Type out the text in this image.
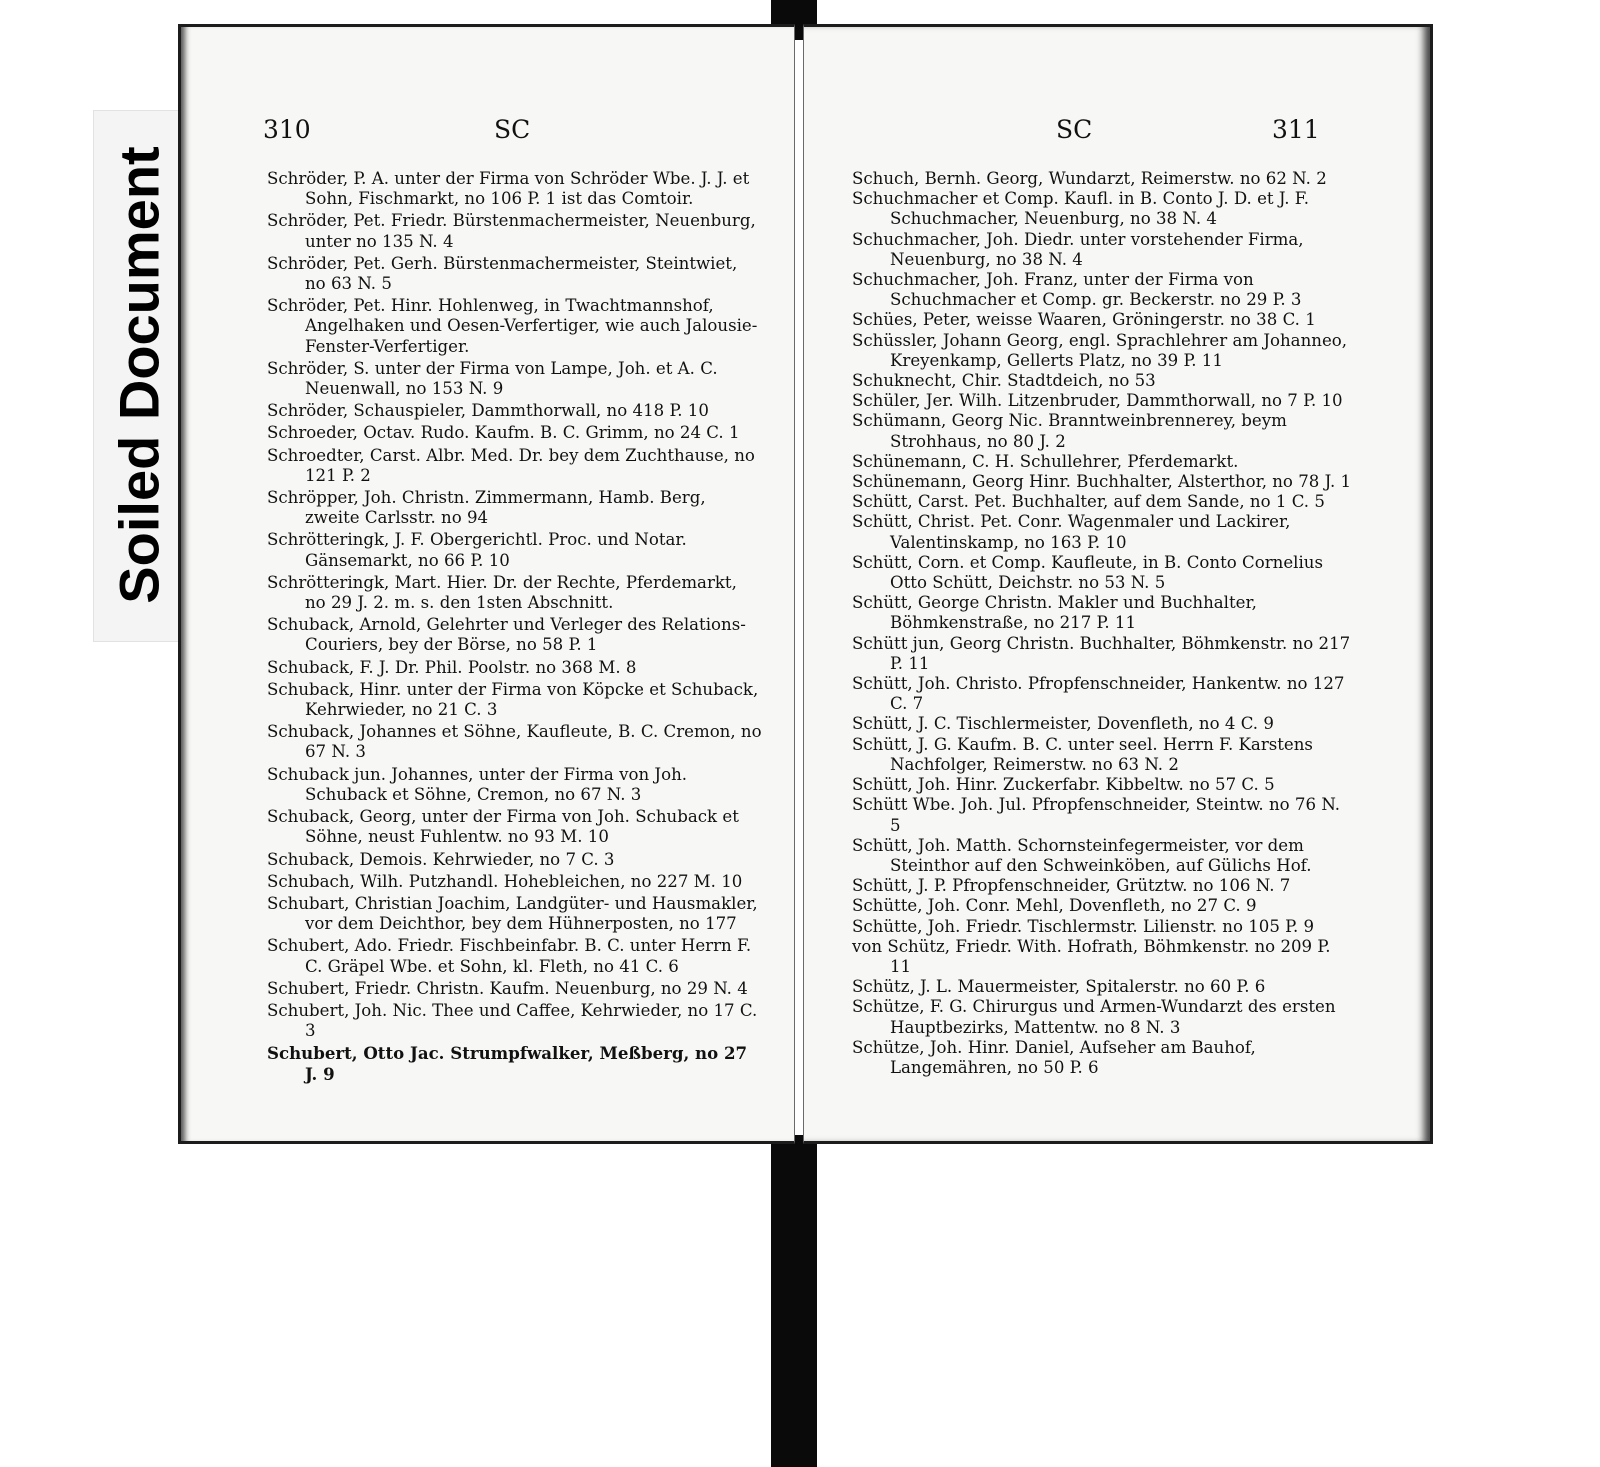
Soiled Document
310	SC
Schröder, P. A. unter der Firma von Schröder Wbe. J. J. et Sohn, Fischmarkt, no 106 P. 1 ist das Comtoir.
Schröder, Pet. Friedr. Bürstenmachermeister, Neuenburg, unter no 135 N. 4
Schröder, Pet. Gerh. Bürstenmachermeister, Steintwiet, no 63 N. 5
Schröder, Pet. Hinr. Hohlenweg, in Twachtmannshof, Angelhaken und Oesen-Verfertiger, wie auch Jalousie-Fenster-Verfertiger.
Schröder, S. unter der Firma von Lampe, Joh. et A. C. Neuenwall, no 153 N. 9
Schröder, Schauspieler, Dammthorwall, no 418 P. 10
Schroeder, Octav. Rudo. Kaufm. B. C. Grimm, no 24 C. 1
Schroedter, Carst. Albr. Med. Dr. bey dem Zuchthause, no 121 P. 2
Schröpper, Joh. Christn. Zimmermann, Hamb. Berg, zweite Carlsstr. no 94
Schrötteringk, J. F. Obergerichtl. Proc. und Notar. Gänsemarkt, no 66 P. 10
Schrötteringk, Mart. Hier. Dr. der Rechte, Pferdemarkt, no 29 J. 2. m. s. den 1sten Abschnitt.
Schuback, Arnold, Gelehrter und Verleger des Relations-Couriers, bey der Börse, no 58 P. 1
Schuback, F. J. Dr. Phil. Poolstr. no 368 M. 8
Schuback, Hinr. unter der Firma von Köpcke et Schuback, Kehrwieder, no 21 C. 3
Schuback, Johannes et Söhne, Kaufleute, B. C. Cremon, no 67 N. 3
Schuback jun. Johannes, unter der Firma von Joh. Schuback et Söhne, Cremon, no 67 N. 3
Schuback, Georg, unter der Firma von Joh. Schuback et Söhne, neust Fuhlentw. no 93 M. 10
Schuback, Demois. Kehrwieder, no 7 C. 3
Schubach, Wilh. Putzhandl. Hohebleichen, no 227 M. 10
Schubart, Christian Joachim, Landgüter- und Hausmakler, vor dem Deichthor, bey dem Hühnerposten, no 177
Schubert, Ado. Friedr. Fischbeinfabr. B. C. unter Herrn F. C. Gräpel Wbe. et Sohn, kl. Fleth, no 41 C. 6
Schubert, Friedr. Christn. Kaufm. Neuenburg, no 29 N. 4
Schubert, Joh. Nic. Thee und Caffee, Kehrwieder, no 17 C. 3
Schubert, Otto Jac. Strumpfwalker, Meßberg, no 27 J. 9
SC	311
Schuch, Bernh. Georg, Wundarzt, Reimerstw. no 62 N. 2
Schuchmacher et Comp. Kaufl. in B. Conto J. D. et J. F. Schuchmacher, Neuenburg, no 38 N. 4
Schuchmacher, Joh. Diedr. unter vorstehender Firma, Neuenburg, no 38 N. 4
Schuchmacher, Joh. Franz, unter der Firma von Schuchmacher et Comp. gr. Beckerstr. no 29 P. 3
Schües, Peter, weisse Waaren, Gröningerstr. no 38 C. 1
Schüssler, Johann Georg, engl. Sprachlehrer am Johanneo, Kreyenkamp, Gellerts Platz, no 39 P. 11
Schuknecht, Chir. Stadtdeich, no 53
Schüler, Jer. Wilh. Litzenbruder, Dammthorwall, no 7 P. 10
Schümann, Georg Nic. Branntweinbrennerey, beym Strohhaus, no 80 J. 2
Schünemann, C. H. Schullehrer, Pferdemarkt.
Schünemann, Georg Hinr. Buchhalter, Alsterthor, no 78 J. 1
Schütt, Carst. Pet. Buchhalter, auf dem Sande, no 1 C. 5
Schütt, Christ. Pet. Conr. Wagenmaler und Lackirer, Valentinskamp, no 163 P. 10
Schütt, Corn. et Comp. Kaufleute, in B. Conto Cornelius Otto Schütt, Deichstr. no 53 N. 5
Schütt, George Christn. Makler und Buchhalter, Böhmkenstraße, no 217 P. 11
Schütt jun, Georg Christn. Buchhalter, Böhmkenstr. no 217 P. 11
Schütt, Joh. Christo. Pfropfenschneider, Hankentw. no 127 C. 7
Schütt, J. C. Tischlermeister, Dovenfleth, no 4 C. 9
Schütt, J. G. Kaufm. B. C. unter seel. Herrn F. Karstens Nachfolger, Reimerstw. no 63 N. 2
Schütt, Joh. Hinr. Zuckerfabr. Kibbeltw. no 57 C. 5
Schütt Wbe. Joh. Jul. Pfropfenschneider, Steintw. no 76 N. 5
Schütt, Joh. Matth. Schornsteinfegermeister, vor dem Steinthor auf den Schweinköben, auf Gülichs Hof.
Schütt, J. P. Pfropfenschneider, Grütztw. no 106 N. 7
Schütte, Joh. Conr. Mehl, Dovenfleth, no 27 C. 9
Schütte, Joh. Friedr. Tischlermstr. Lilienstr. no 105 P. 9
von Schütz, Friedr. With. Hofrath, Böhmkenstr. no 209 P. 11
Schütz, J. L. Mauermeister, Spitalerstr. no 60 P. 6
Schütze, F. G. Chirurgus und Armen-Wundarzt des ersten Hauptbezirks, Mattentw. no 8 N. 3
Schütze, Joh. Hinr. Daniel, Aufseher am Bauhof, Langemähren, no 50 P. 6
